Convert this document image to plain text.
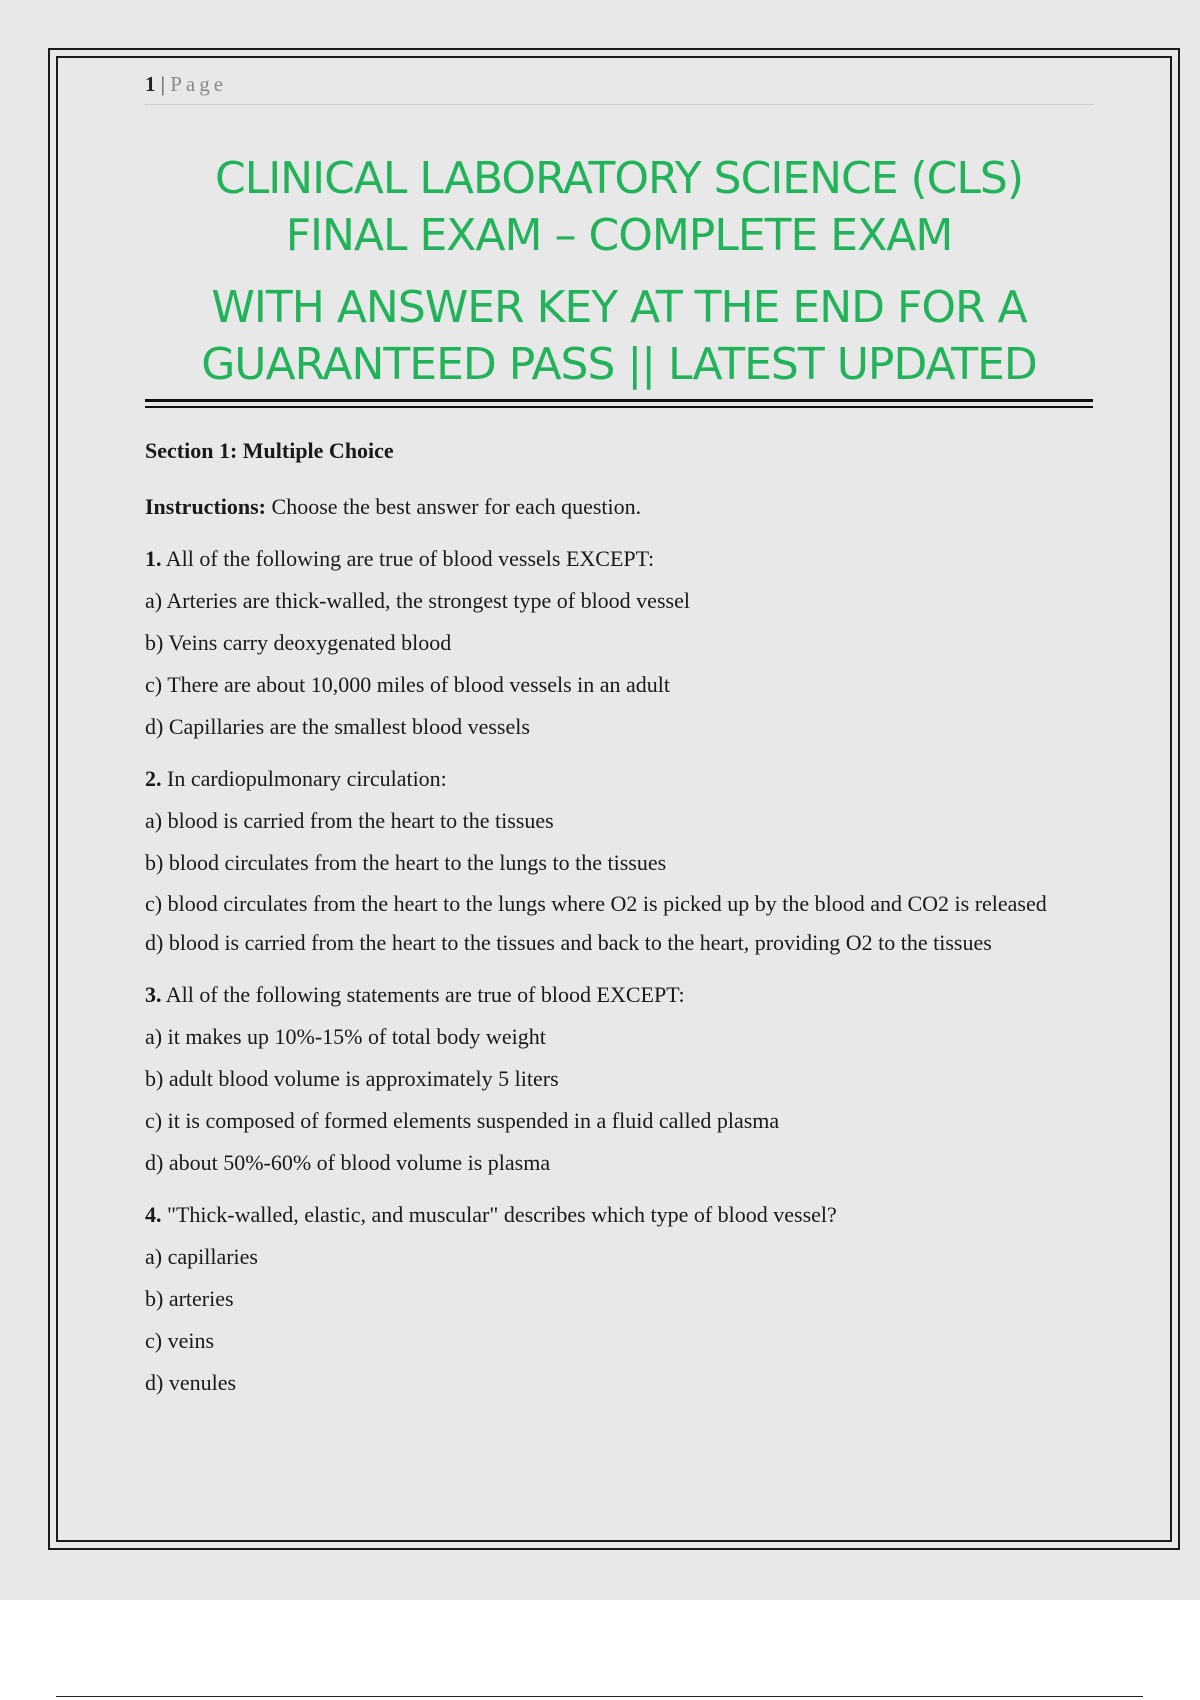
1 | Page
CLINICAL LABORATORY SCIENCE (CLS)
FINAL EXAM – COMPLETE EXAM
WITH ANSWER KEY AT THE END FOR A
GUARANTEED PASS || LATEST UPDATED
Section 1: Multiple Choice
Instructions: Choose the best answer for each question.
1. All of the following are true of blood vessels EXCEPT:
a) Arteries are thick-walled, the strongest type of blood vessel
b) Veins carry deoxygenated blood
c) There are about 10,000 miles of blood vessels in an adult
d) Capillaries are the smallest blood vessels
2. In cardiopulmonary circulation:
a) blood is carried from the heart to the tissues
b) blood circulates from the heart to the lungs to the tissues
c) blood circulates from the heart to the lungs where O2 is picked up by the blood and CO2 is released
d) blood is carried from the heart to the tissues and back to the heart, providing O2 to the tissues
3. All of the following statements are true of blood EXCEPT:
a) it makes up 10%-15% of total body weight
b) adult blood volume is approximately 5 liters
c) it is composed of formed elements suspended in a fluid called plasma
d) about 50%-60% of blood volume is plasma
4. "Thick-walled, elastic, and muscular" describes which type of blood vessel?
a) capillaries
b) arteries
c) veins
d) venules
